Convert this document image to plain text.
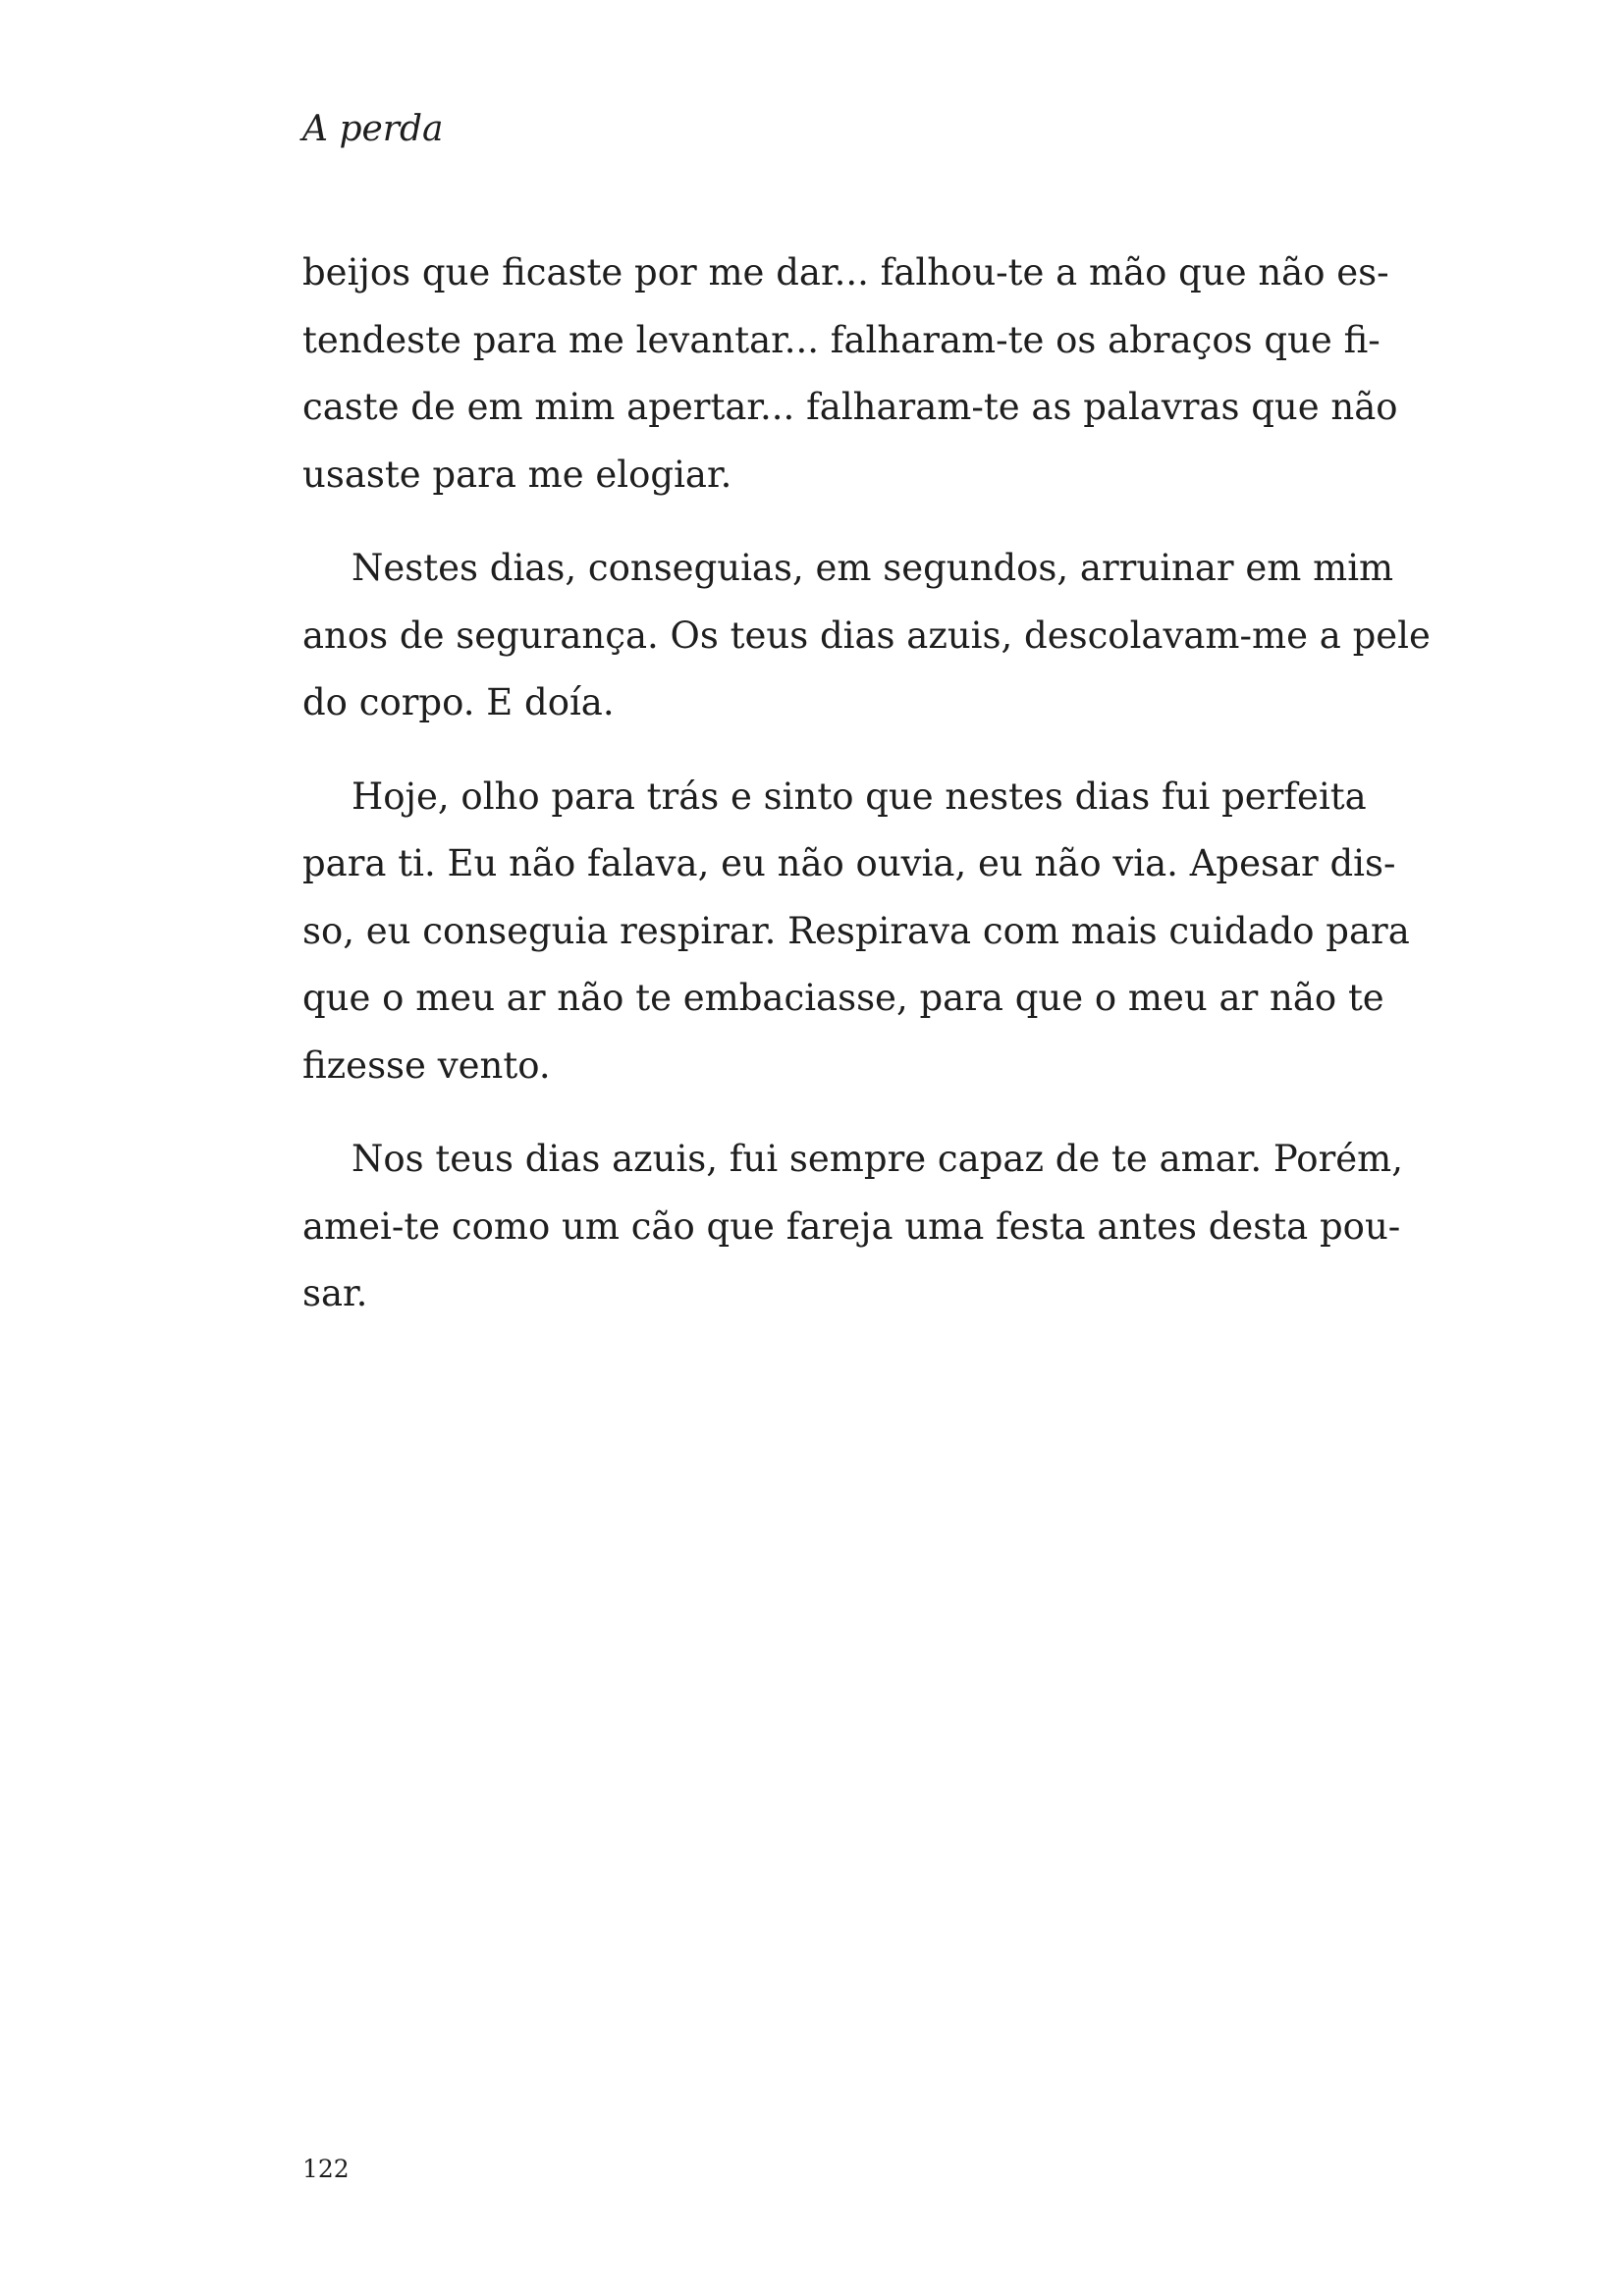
A perda
beijos que ficaste por me dar... falhou-te a mão que não es-
tendeste para me levantar... falharam-te os abraços que fi-
caste de em mim apertar... falharam-te as palavras que não
usaste para me elogiar.
Nestes dias, conseguias, em segundos, arruinar em mim
anos de segurança. Os teus dias azuis, descolavam-me a pele
do corpo. E doía.
Hoje, olho para trás e sinto que nestes dias fui perfeita
para ti. Eu não falava, eu não ouvia, eu não via. Apesar dis-
so, eu conseguia respirar. Respirava com mais cuidado para
que o meu ar não te embaciasse, para que o meu ar não te
fizesse vento.
Nos teus dias azuis, fui sempre capaz de te amar. Porém,
amei-te como um cão que fareja uma festa antes desta pou-
sar.
122
